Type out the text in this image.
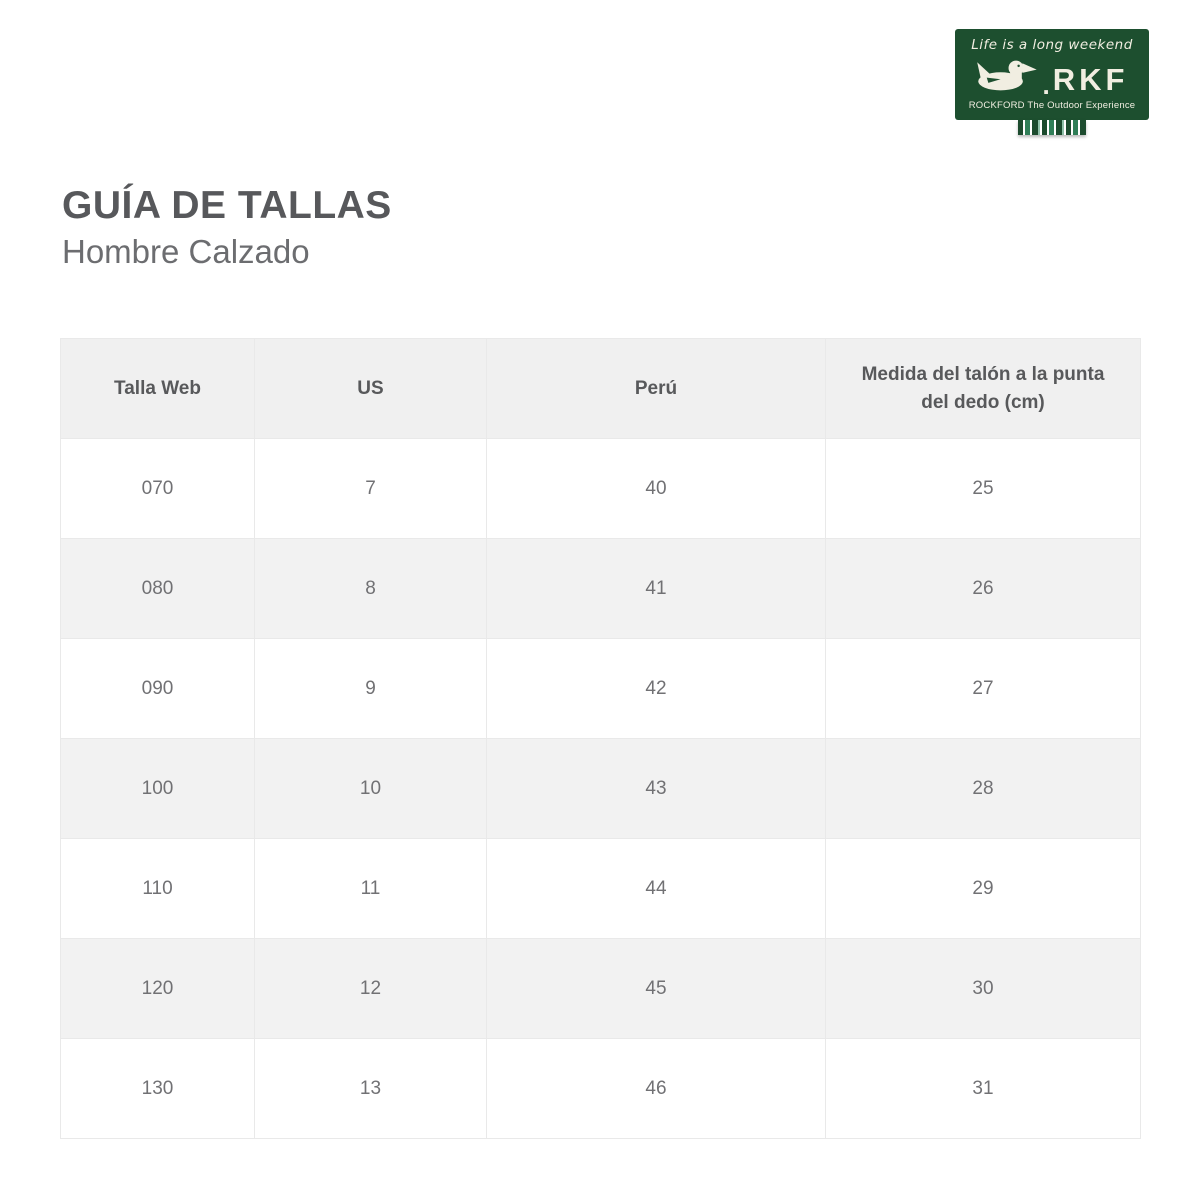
Life is a long weekend
. RKF
ROCKFORD The Outdoor Experience
GUÍA DE TALLAS
Hombre Calzado
Talla Web	US	Perú	Medida del talón a la punta del dedo (cm)
070	7	40	25
080	8	41	26
090	9	42	27
100	10	43	28
110	11	44	29
120	12	45	30
130	13	46	31
